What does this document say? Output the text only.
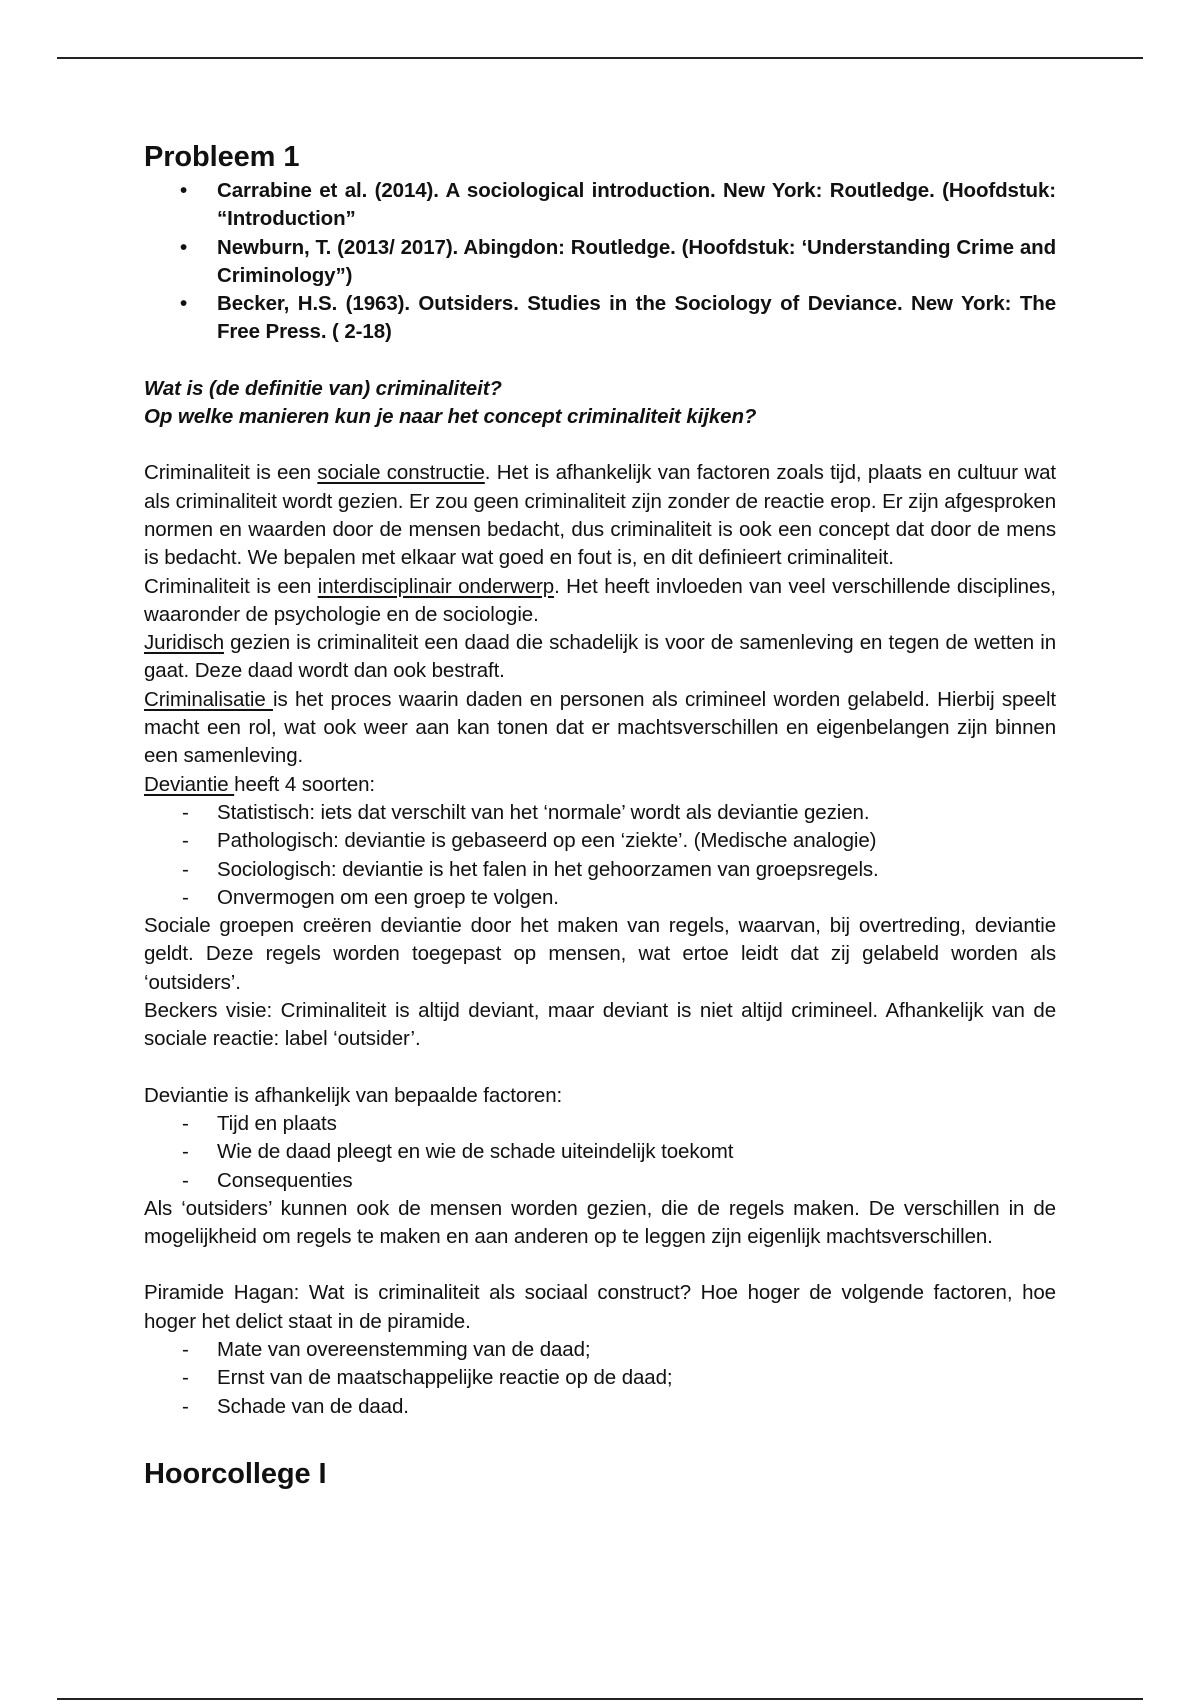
Probleem 1
• Carrabine et al. (2014). A sociological introduction. New York: Routledge. (Hoofdstuk: “Introduction”
• Newburn, T. (2013/ 2017). Abingdon: Routledge. (Hoofdstuk: ‘Understanding Crime and Criminology”)
• Becker, H.S. (1963). Outsiders. Studies in the Sociology of Deviance. New York: The Free Press. ( 2-18)

Wat is (de definitie van) criminaliteit?

Op welke manieren kun je naar het concept criminaliteit kijken?

Criminaliteit is een sociale constructie. Het is afhankelijk van factoren zoals tijd, plaats en cultuur wat als criminaliteit wordt gezien. Er zou geen criminaliteit zijn zonder de reactie erop. Er zijn afgesproken normen en waarden door de mensen bedacht, dus criminaliteit is ook een concept dat door de mens is bedacht. We bepalen met elkaar wat goed en fout is, en dit definieert criminaliteit.

Criminaliteit is een interdisciplinair onderwerp. Het heeft invloeden van veel verschillende disciplines, waaronder de psychologie en de sociologie.

Juridisch gezien is criminaliteit een daad die schadelijk is voor de samenleving en tegen de wetten in gaat. Deze daad wordt dan ook bestraft.

Criminalisatie is het proces waarin daden en personen als crimineel worden gelabeld. Hierbij speelt macht een rol, wat ook weer aan kan tonen dat er machtsverschillen en eigenbelangen zijn binnen een samenleving.

Deviantie heeft 4 soorten:

- Statistisch: iets dat verschilt van het ‘normale’ wordt als deviantie gezien.
- Pathologisch: deviantie is gebaseerd op een ‘ziekte’. (Medische analogie)
- Sociologisch: deviantie is het falen in het gehoorzamen van groepsregels.
- Onvermogen om een groep te volgen.

Sociale groepen creëren deviantie door het maken van regels, waarvan, bij overtreding, deviantie geldt. Deze regels worden toegepast op mensen, wat ertoe leidt dat zij gelabeld worden als ‘outsiders’.

Beckers visie: Criminaliteit is altijd deviant, maar deviant is niet altijd crimineel. Afhankelijk van de sociale reactie: label ‘outsider’.

Deviantie is afhankelijk van bepaalde factoren:

- Tijd en plaats
- Wie de daad pleegt en wie de schade uiteindelijk toekomt
- Consequenties

Als ‘outsiders’ kunnen ook de mensen worden gezien, die de regels maken. De verschillen in de mogelijkheid om regels te maken en aan anderen op te leggen zijn eigenlijk machtsverschillen.

Piramide Hagan: Wat is criminaliteit als sociaal construct? Hoe hoger de volgende factoren, hoe hoger het delict staat in de piramide.

- Mate van overeenstemming van de daad;
- Ernst van de maatschappelijke reactie op de daad;
- Schade van de daad.
Hoorcollege I
